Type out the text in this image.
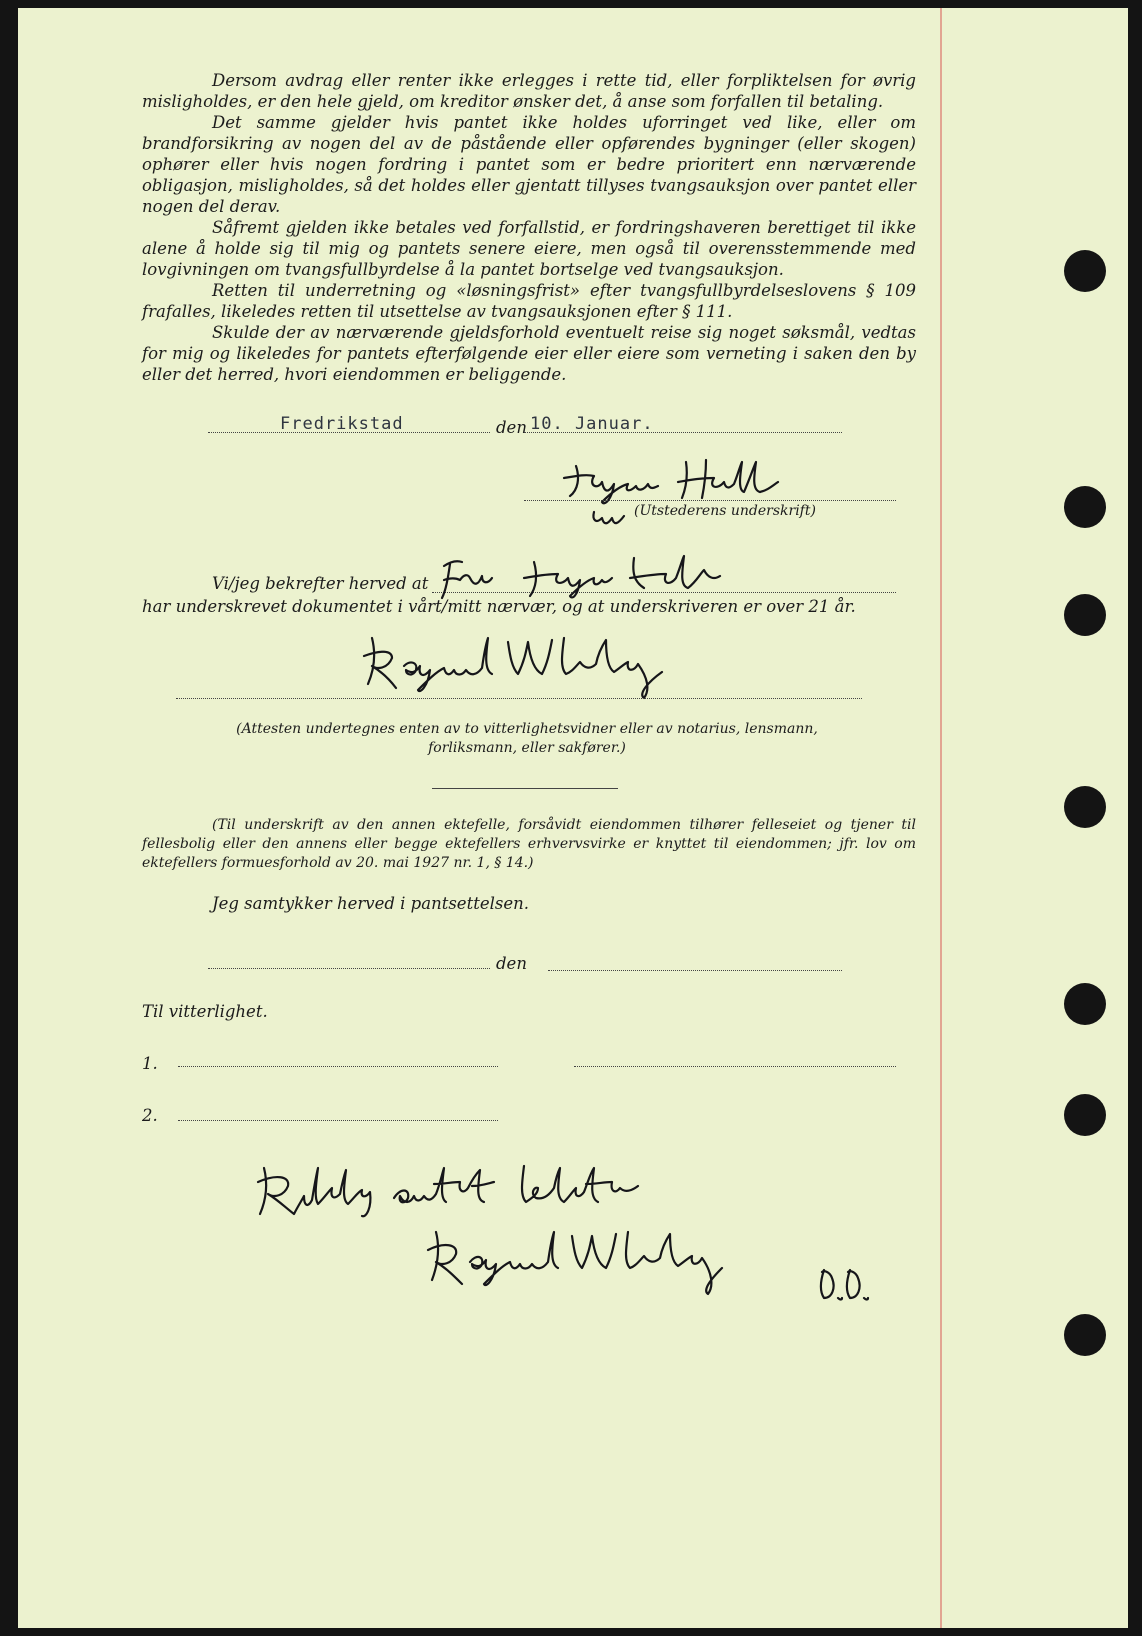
Dersom avdrag eller renter ikke erlegges i rette tid, eller forpliktelsen for øvrig misligholdes, er den hele gjeld, om kreditor ønsker det, å anse som forfallen til betaling.

Det samme gjelder hvis pantet ikke holdes uforringet ved like, eller om brandforsikring av nogen del av de påstående eller opførendes bygninger (eller skogen) ophører eller hvis nogen fordring i pantet som er bedre prioritert enn nærværende obligasjon, misligholdes, så det holdes eller gjentatt tillyses tvangsauksjon over pantet eller nogen del derav.

Såfremt gjelden ikke betales ved forfallstid, er fordringshaveren berettiget til ikke alene å holde sig til mig og pantets senere eiere, men også til overensstemmende med lovgivningen om tvangsfullbyrdelse å la pantet bortselge ved tvangsauksjon.

Retten til underretning og «løsningsfrist» efter tvangsfullbyrdelseslovens § 109 frafalles, likeledes retten til utsettelse av tvangsauksjonen efter § 111.

Skulde der av nærværende gjeldsforhold eventuelt reise sig noget søksmål, vedtas for mig og likeledes for pantets efterfølgende eier eller eiere som verneting i saken den by eller det herred, hvori eiendommen er beliggende.

Fredrikstad	den 10. Januar.
(Utstederens underskrift)
Vi/jeg bekrefter herved at

har underskrevet dokumentet i vårt/mitt nærvær, og at underskriveren er over 21 år.

(Attesten undertegnes enten av to vitterlighetsvidner eller av notarius, lensmann, forliksmann, eller sakfører.)
(Til underskrift av den annen ektefelle, forsåvidt eiendommen tilhører felleseiet og tjener til fellesbolig eller den annens eller begge ektefellers erhvervsvirke er knyttet til eiendommen; jfr. lov om ektefellers formuesforhold av 20. mai 1927 nr. 1, § 14.)
Jeg samtykker herved i pantsettelsen.
den
Til vitterlighet.
1.
2.
